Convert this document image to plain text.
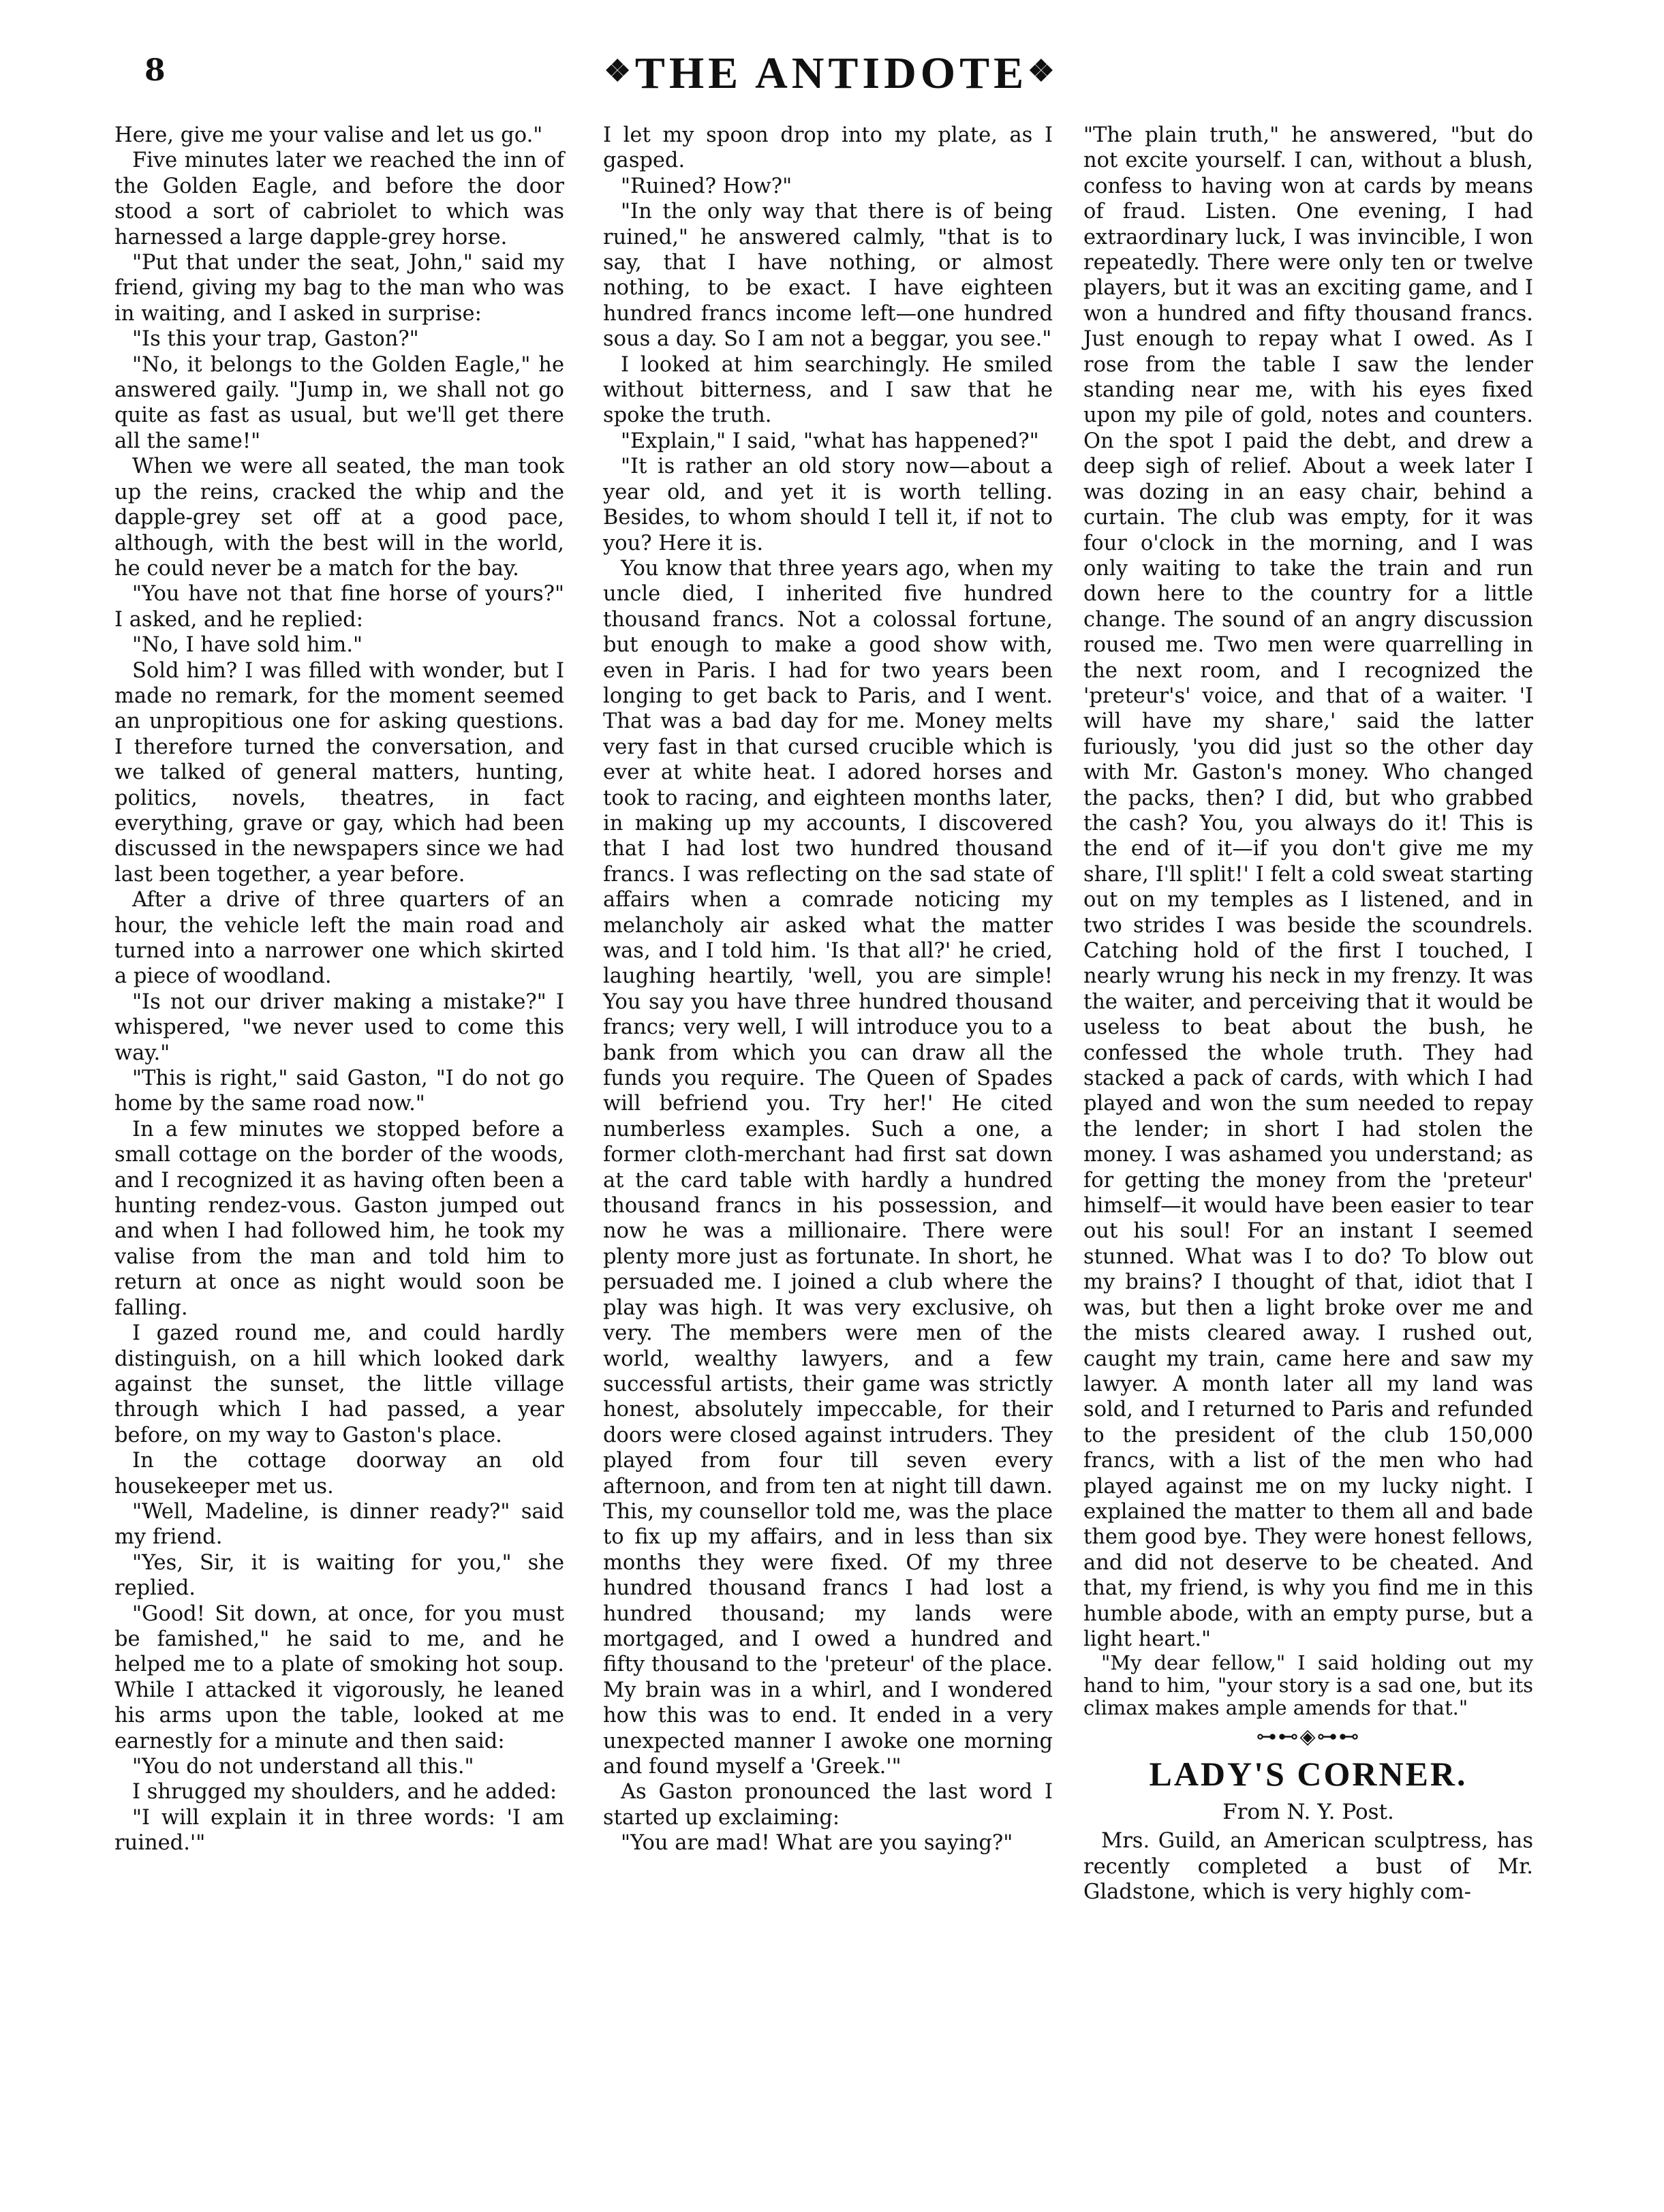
8	❖THE ANTIDOTE❖

Here, give me your valise and let us go."

Five minutes later we reached the inn of the Golden Eagle, and before the door stood a sort of cabriolet to which was harnessed a large dapple-grey horse.

"Put that under the seat, John," said my friend, giving my bag to the man who was in waiting, and I asked in surprise:

"Is this your trap, Gaston?"

"No, it belongs to the Golden Eagle," he answered gaily. "Jump in, we shall not go quite as fast as usual, but we'll get there all the same!"

When we were all seated, the man took up the reins, cracked the whip and the dapple-grey set off at a good pace, although, with the best will in the world, he could never be a match for the bay.

"You have not that fine horse of yours?" I asked, and he replied:

"No, I have sold him."

Sold him? I was filled with wonder, but I made no remark, for the moment seemed an unpropitious one for asking questions. I therefore turned the conversation, and we talked of general matters, hunting, politics, novels, theatres, in fact everything, grave or gay, which had been discussed in the newspapers since we had last been together, a year before.

After a drive of three quarters of an hour, the vehicle left the main road and turned into a narrower one which skirted a piece of woodland.

"Is not our driver making a mistake?" I whispered, "we never used to come this way."

"This is right," said Gaston, "I do not go home by the same road now."

In a few minutes we stopped before a small cottage on the border of the woods, and I recognized it as having often been a hunting rendez-vous. Gaston jumped out and when I had followed him, he took my valise from the man and told him to return at once as night would soon be falling.

I gazed round me, and could hardly distinguish, on a hill which looked dark against the sunset, the little village through which I had passed, a year before, on my way to Gaston's place.

In the cottage doorway an old housekeeper met us.

"Well, Madeline, is dinner ready?" said my friend.

"Yes, Sir, it is waiting for you," she replied.

"Good! Sit down, at once, for you must be famished," he said to me, and he helped me to a plate of smoking hot soup. While I attacked it vigorously, he leaned his arms upon the table, looked at me earnestly for a minute and then said:

"You do not understand all this."

I shrugged my shoulders, and he added:

"I will explain it in three words: 'I am ruined.'"

I let my spoon drop into my plate, as I gasped.

"Ruined? How?"

"In the only way that there is of being ruined," he answered calmly, "that is to say, that I have nothing, or almost nothing, to be exact. I have eighteen hundred francs income left—one hundred sous a day. So I am not a beggar, you see."

I looked at him searchingly. He smiled without bitterness, and I saw that he spoke the truth.

"Explain," I said, "what has happened?"

"It is rather an old story now—about a year old, and yet it is worth telling. Besides, to whom should I tell it, if not to you? Here it is.

You know that three years ago, when my uncle died, I inherited five hundred thousand francs. Not a colossal fortune, but enough to make a good show with, even in Paris. I had for two years been longing to get back to Paris, and I went. That was a bad day for me. Money melts very fast in that cursed crucible which is ever at white heat. I adored horses and took to racing, and eighteen months later, in making up my accounts, I discovered that I had lost two hundred thousand francs. I was reflecting on the sad state of affairs when a comrade noticing my melancholy air asked what the matter was, and I told him. 'Is that all?' he cried, laughing heartily, 'well, you are simple! You say you have three hundred thousand francs; very well, I will introduce you to a bank from which you can draw all the funds you require. The Queen of Spades will befriend you. Try her!' He cited numberless examples. Such a one, a former cloth-merchant had first sat down at the card table with hardly a hundred thousand francs in his possession, and now he was a millionaire. There were plenty more just as fortunate. In short, he persuaded me. I joined a club where the play was high. It was very exclusive, oh very. The members were men of the world, wealthy lawyers, and a few successful artists, their game was strictly honest, absolutely impeccable, for their doors were closed against intruders. They played from four till seven every afternoon, and from ten at night till dawn. This, my counsellor told me, was the place to fix up my affairs, and in less than six months they were fixed. Of my three hundred thousand francs I had lost a hundred thousand; my lands were mortgaged, and I owed a hundred and fifty thousand to the 'preteur' of the place. My brain was in a whirl, and I wondered how this was to end. It ended in a very unexpected manner I awoke one morning and found myself a 'Greek.'"

As Gaston pronounced the last word I started up exclaiming:

"You are mad! What are you saying?"

"The plain truth," he answered, "but do not excite yourself. I can, without a blush, confess to having won at cards by means of fraud. Listen. One evening, I had extraordinary luck, I was invincible, I won repeatedly. There were only ten or twelve players, but it was an exciting game, and I won a hundred and fifty thousand francs. Just enough to repay what I owed. As I rose from the table I saw the lender standing near me, with his eyes fixed upon my pile of gold, notes and counters. On the spot I paid the debt, and drew a deep sigh of relief. About a week later I was dozing in an easy chair, behind a curtain. The club was empty, for it was four o'clock in the morning, and I was only waiting to take the train and run down here to the country for a little change. The sound of an angry discussion roused me. Two men were quarrelling in the next room, and I recognized the 'preteur's' voice, and that of a waiter. 'I will have my share,' said the latter furiously, 'you did just so the other day with Mr. Gaston's money. Who changed the packs, then? I did, but who grabbed the cash? You, you always do it! This is the end of it—if you don't give me my share, I'll split!' I felt a cold sweat starting out on my temples as I listened, and in two strides I was beside the scoundrels. Catching hold of the first I touched, I nearly wrung his neck in my frenzy. It was the waiter, and perceiving that it would be useless to beat about the bush, he confessed the whole truth. They had stacked a pack of cards, with which I had played and won the sum needed to repay the lender; in short I had stolen the money. I was ashamed you understand; as for getting the money from the 'preteur' himself—it would have been easier to tear out his soul! For an instant I seemed stunned. What was I to do? To blow out my brains? I thought of that, idiot that I was, but then a light broke over me and the mists cleared away. I rushed out, caught my train, came here and saw my lawyer. A month later all my land was sold, and I returned to Paris and refunded to the president of the club 150,000 francs, with a list of the men who had played against me on my lucky night. I explained the matter to them all and bade them good bye. They were honest fellows, and did not deserve to be cheated. And that, my friend, is why you find me in this humble abode, with an empty purse, but a light heart."

"My dear fellow," I said holding out my hand to him, "your story is a sad one, but its climax makes ample amends for that."

⊶⊷◈⊶⊷
LADY'S CORNER.
From N. Y. Post.

Mrs. Guild, an American sculptress, has recently completed a bust of Mr. Gladstone, which is very highly com-
